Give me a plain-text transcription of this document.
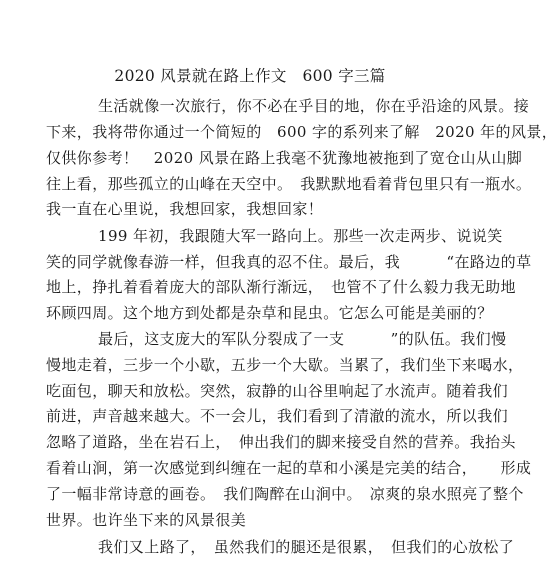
2020 风景就在路上作文　600 字三篇
生活就像一次旅行，你不必在乎目的地，你在乎沿途的风景。接
下来，我将带你通过一个简短的　600 字的系列来了解　2020 年的风景，
仅供你参考！　2020 风景在路上我毫不犹豫地被拖到了宽仓山从山脚
往上看，那些孤立的山峰在天空中。　我默默地看着背包里只有一瓶水。
我一直在心里说，我想回家，我想回家！
199 年初，我跟随大军一路向上。那些一次走两步、说说笑
笑的同学就像春游一样，但我真的忍不住。最后，我　　　“在路边的草
地上，挣扎着看着庞大的部队渐行渐远，　也管不了什么毅力我无助地
环顾四周。这个地方到处都是杂草和昆虫。它怎么可能是美丽的？
最后，这支庞大的军队分裂成了一支　　　”的队伍。我们慢
慢地走着，三步一个小歇，五步一个大歇。当累了，我们坐下来喝水，
吃面包，聊天和放松。突然，寂静的山谷里响起了水流声。随着我们
前进，声音越来越大。不一会儿，我们看到了清澈的流水，所以我们
忽略了道路，坐在岩石上，　伸出我们的脚来接受自然的营养。我抬头
看着山涧，第一次感觉到纠缠在一起的草和小溪是完美的结合，　　形成
了一幅非常诗意的画卷。　我们陶醉在山涧中。　凉爽的泉水照亮了整个
世界。也许坐下来的风景很美
我们又上路了，　虽然我们的腿还是很累，　但我们的心放松了
